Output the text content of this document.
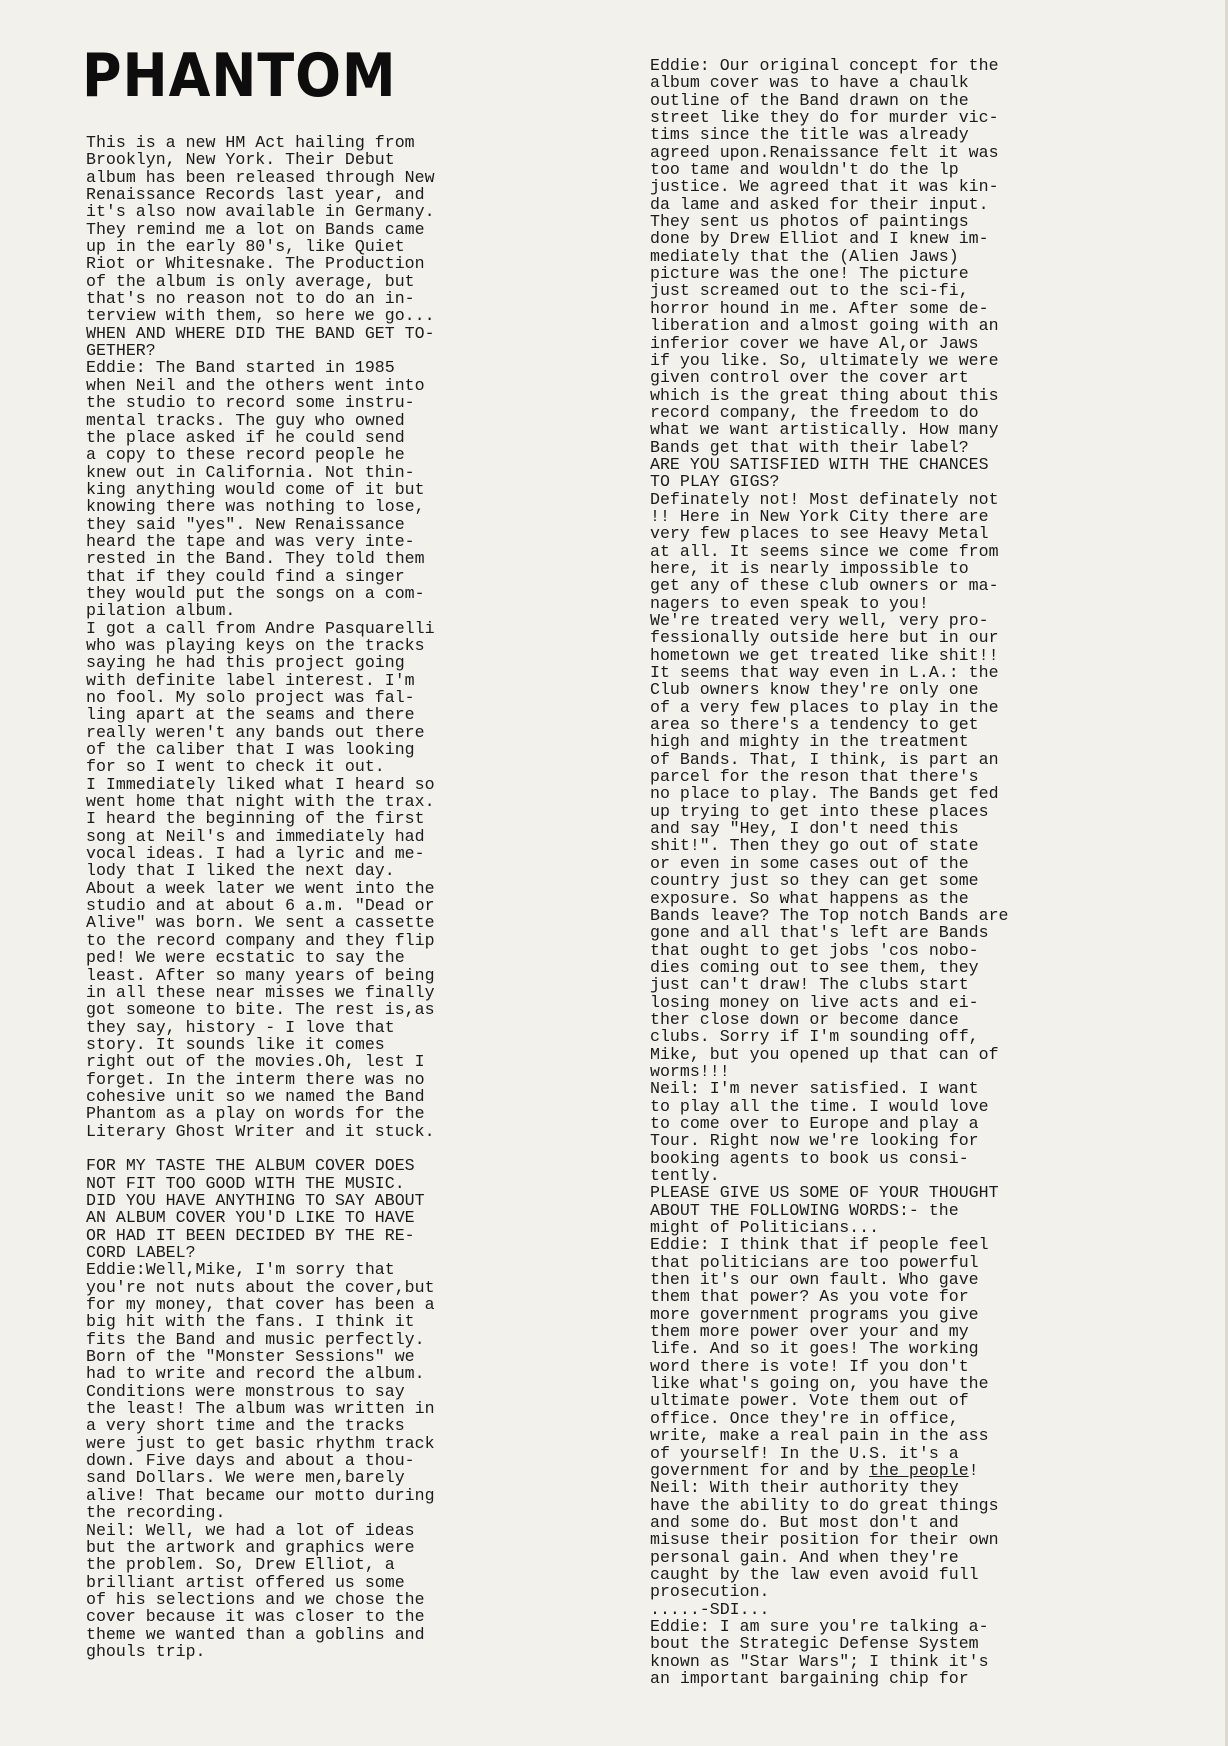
PHANTOM
This is a new HM Act hailing from
Brooklyn, New York. Their Debut
album has been released through New
Renaissance Records last year, and
it's also now available in Germany.
They remind me a lot on Bands came
up in the early 80's, like Quiet
Riot or Whitesnake. The Production
of the album is only average, but
that's no reason not to do an in-
terview with them, so here we go...
WHEN AND WHERE DID THE BAND GET TO-
GETHER?
Eddie: The Band started in 1985
when Neil and the others went into
the studio to record some instru-
mental tracks. The guy who owned
the place asked if he could send
a copy to these record people he
knew out in California. Not thin-
king anything would come of it but
knowing there was nothing to lose,
they said "yes". New Renaissance
heard the tape and was very inte-
rested in the Band. They told them
that if they could find a singer
they would put the songs on a com-
pilation album.
I got a call from Andre Pasquarelli
who was playing keys on the tracks
saying he had this project going
with definite label interest. I'm
no fool. My solo project was fal-
ling apart at the seams and there
really weren't any bands out there
of the caliber that I was looking
for so I went to check it out.
I Immediately liked what I heard so
went home that night with the trax.
I heard the beginning of the first
song at Neil's and immediately had
vocal ideas. I had a lyric and me-
lody that I liked the next day.
About a week later we went into the
studio and at about 6 a.m. "Dead or
Alive" was born. We sent a cassette
to the record company and they flip
ped! We were ecstatic to say the
least. After so many years of being
in all these near misses we finally
got someone to bite. The rest is,as
they say, history - I love that
story. It sounds like it comes
right out of the movies.Oh, lest I
forget. In the interm there was no
cohesive unit so we named the Band
Phantom as a play on words for the
Literary Ghost Writer and it stuck.
FOR MY TASTE THE ALBUM COVER DOES
NOT FIT TOO GOOD WITH THE MUSIC.
DID YOU HAVE ANYTHING TO SAY ABOUT
AN ALBUM COVER YOU'D LIKE TO HAVE
OR HAD IT BEEN DECIDED BY THE RE-
CORD LABEL?
Eddie:Well,Mike, I'm sorry that
you're not nuts about the cover,but
for my money, that cover has been a
big hit with the fans. I think it
fits the Band and music perfectly.
Born of the "Monster Sessions" we
had to write and record the album.
Conditions were monstrous to say
the least! The album was written in
a very short time and the tracks
were just to get basic rhythm track
down. Five days and about a thou-
sand Dollars. We were men,barely
alive! That became our motto during
the recording.
Neil: Well, we had a lot of ideas
but the artwork and graphics were
the problem. So, Drew Elliot, a
brilliant artist offered us some
of his selections and we chose the
cover because it was closer to the
theme we wanted than a goblins and
ghouls trip.
Eddie: Our original concept for the
album cover was to have a chaulk
outline of the Band drawn on the
street like they do for murder vic-
tims since the title was already
agreed upon.Renaissance felt it was
too tame and wouldn't do the lp
justice. We agreed that it was kin-
da lame and asked for their input.
They sent us photos of paintings
done by Drew Elliot and I knew im-
mediately that the (Alien Jaws)
picture was the one! The picture
just screamed out to the sci-fi,
horror hound in me. After some de-
liberation and almost going with an
inferior cover we have Al,or Jaws
if you like. So, ultimately we were
given control over the cover art
which is the great thing about this
record company, the freedom to do
what we want artistically. How many
Bands get that with their label?
ARE YOU SATISFIED WITH THE CHANCES
TO PLAY GIGS?
Definately not! Most definately not
!! Here in New York City there are
very few places to see Heavy Metal
at all. It seems since we come from
here, it is nearly impossible to
get any of these club owners or ma-
nagers to even speak to you!
We're treated very well, very pro-
fessionally outside here but in our
hometown we get treated like shit!!
It seems that way even in L.A.: the
Club owners know they're only one
of a very few places to play in the
area so there's a tendency to get
high and mighty in the treatment
of Bands. That, I think, is part an
parcel for the reson that there's
no place to play. The Bands get fed
up trying to get into these places
and say "Hey, I don't need this
shit!". Then they go out of state
or even in some cases out of the
country just so they can get some
exposure. So what happens as the
Bands leave? The Top notch Bands are
gone and all that's left are Bands
that ought to get jobs 'cos nobo-
dies coming out to see them, they
just can't draw! The clubs start
losing money on live acts and ei-
ther close down or become dance
clubs. Sorry if I'm sounding off,
Mike, but you opened up that can of
worms!!!
Neil: I'm never satisfied. I want
to play all the time. I would love
to come over to Europe and play a
Tour. Right now we're looking for
booking agents to book us consi-
tently.
PLEASE GIVE US SOME OF YOUR THOUGHT
ABOUT THE FOLLOWING WORDS:- the
might of Politicians...
Eddie: I think that if people feel
that politicians are too powerful
then it's our own fault. Who gave
them that power? As you vote for
more government programs you give
them more power over your and my
life. And so it goes! The working
word there is vote! If you don't
like what's going on, you have the
ultimate power. Vote them out of
office. Once they're in office,
write, make a real pain in the ass
of yourself! In the U.S. it's a
government for and by the people!
Neil: With their authority they
have the ability to do great things
and some do. But most don't and
misuse their position for their own
personal gain. And when they're
caught by the law even avoid full
prosecution.
.....-SDI...
Eddie: I am sure you're talking a-
bout the Strategic Defense System
known as "Star Wars"; I think it's
an important bargaining chip for
